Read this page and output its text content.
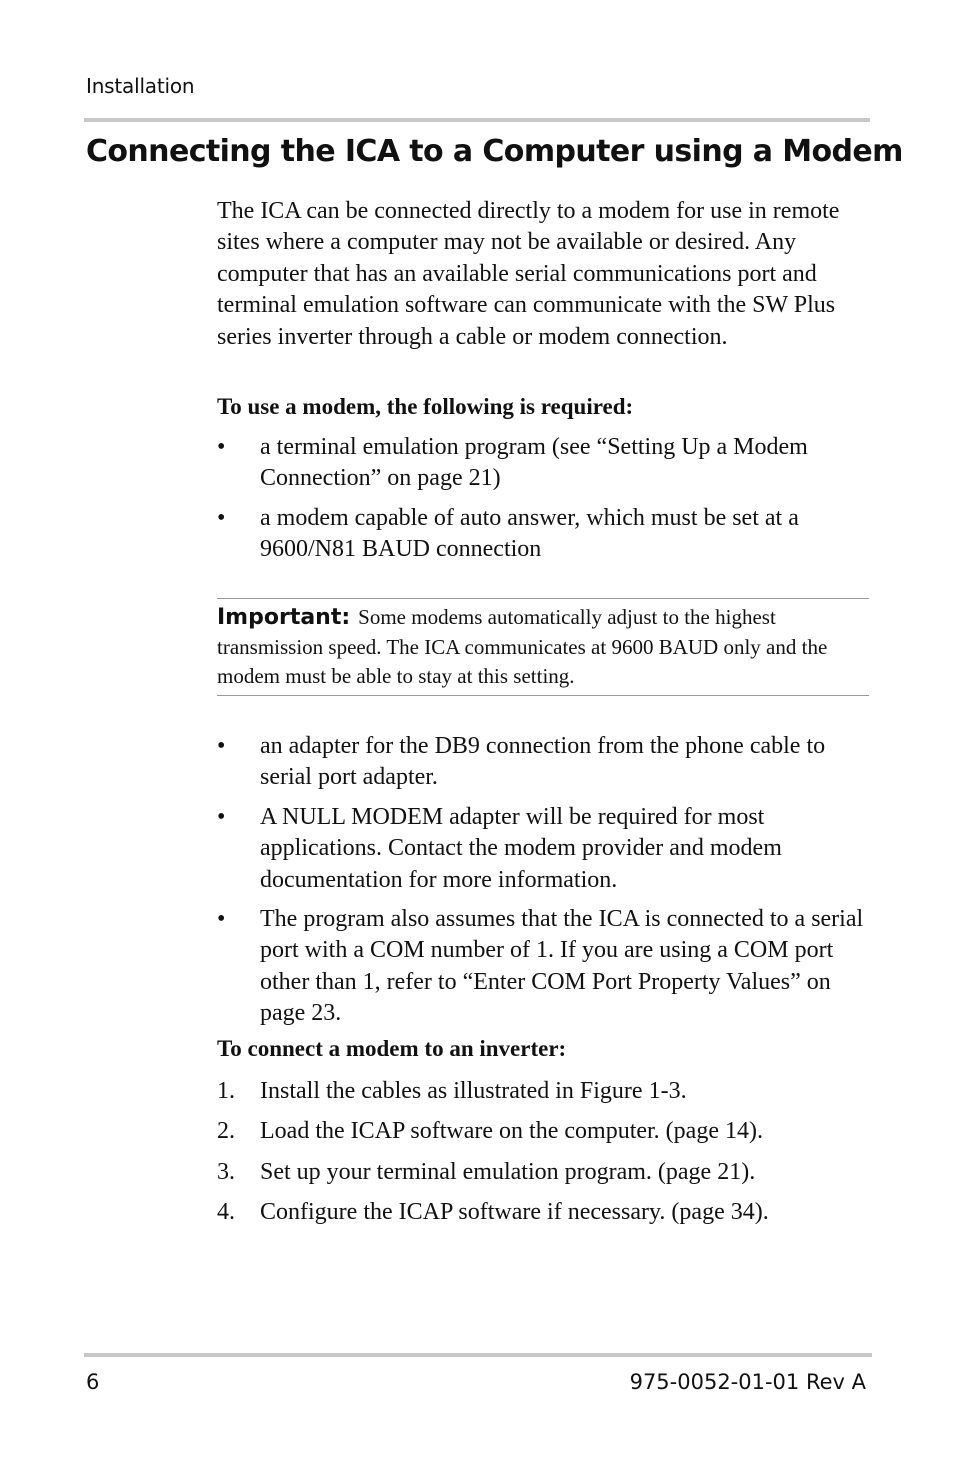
Installation
Connecting the ICA to a Computer using a Modem

The ICA can be connected directly to a modem for use in remote sites where a computer may not be available or desired. Any computer that has an available serial communications port and terminal emulation software can communicate with the SW Plus series inverter through a cable or modem connection.

To use a modem, the following is required:

• a terminal emulation program (see “Setting Up a Modem Connection” on page 21)
• a modem capable of auto answer, which must be set at a 9600/N81 BAUD connection
Important: Some modems automatically adjust to the highest transmission speed. The ICA communicates at 9600 BAUD only and the modem must be able to stay at this setting.
• an adapter for the DB9 connection from the phone cable to serial port adapter.
• A NULL MODEM adapter will be required for most applications. Contact the modem provider and modem documentation for more information.
• The program also assumes that the ICA is connected to a serial port with a COM number of 1. If you are using a COM port other than 1, refer to “Enter COM Port Property Values” on page 23.

To connect a modem to an inverter:

1. Install the cables as illustrated in Figure 1-3.
2. Load the ICAP software on the computer. (page 14).
3. Set up your terminal emulation program. (page 21).
4. Configure the ICAP software if necessary. (page 34).
6	975-0052-01-01 Rev A
